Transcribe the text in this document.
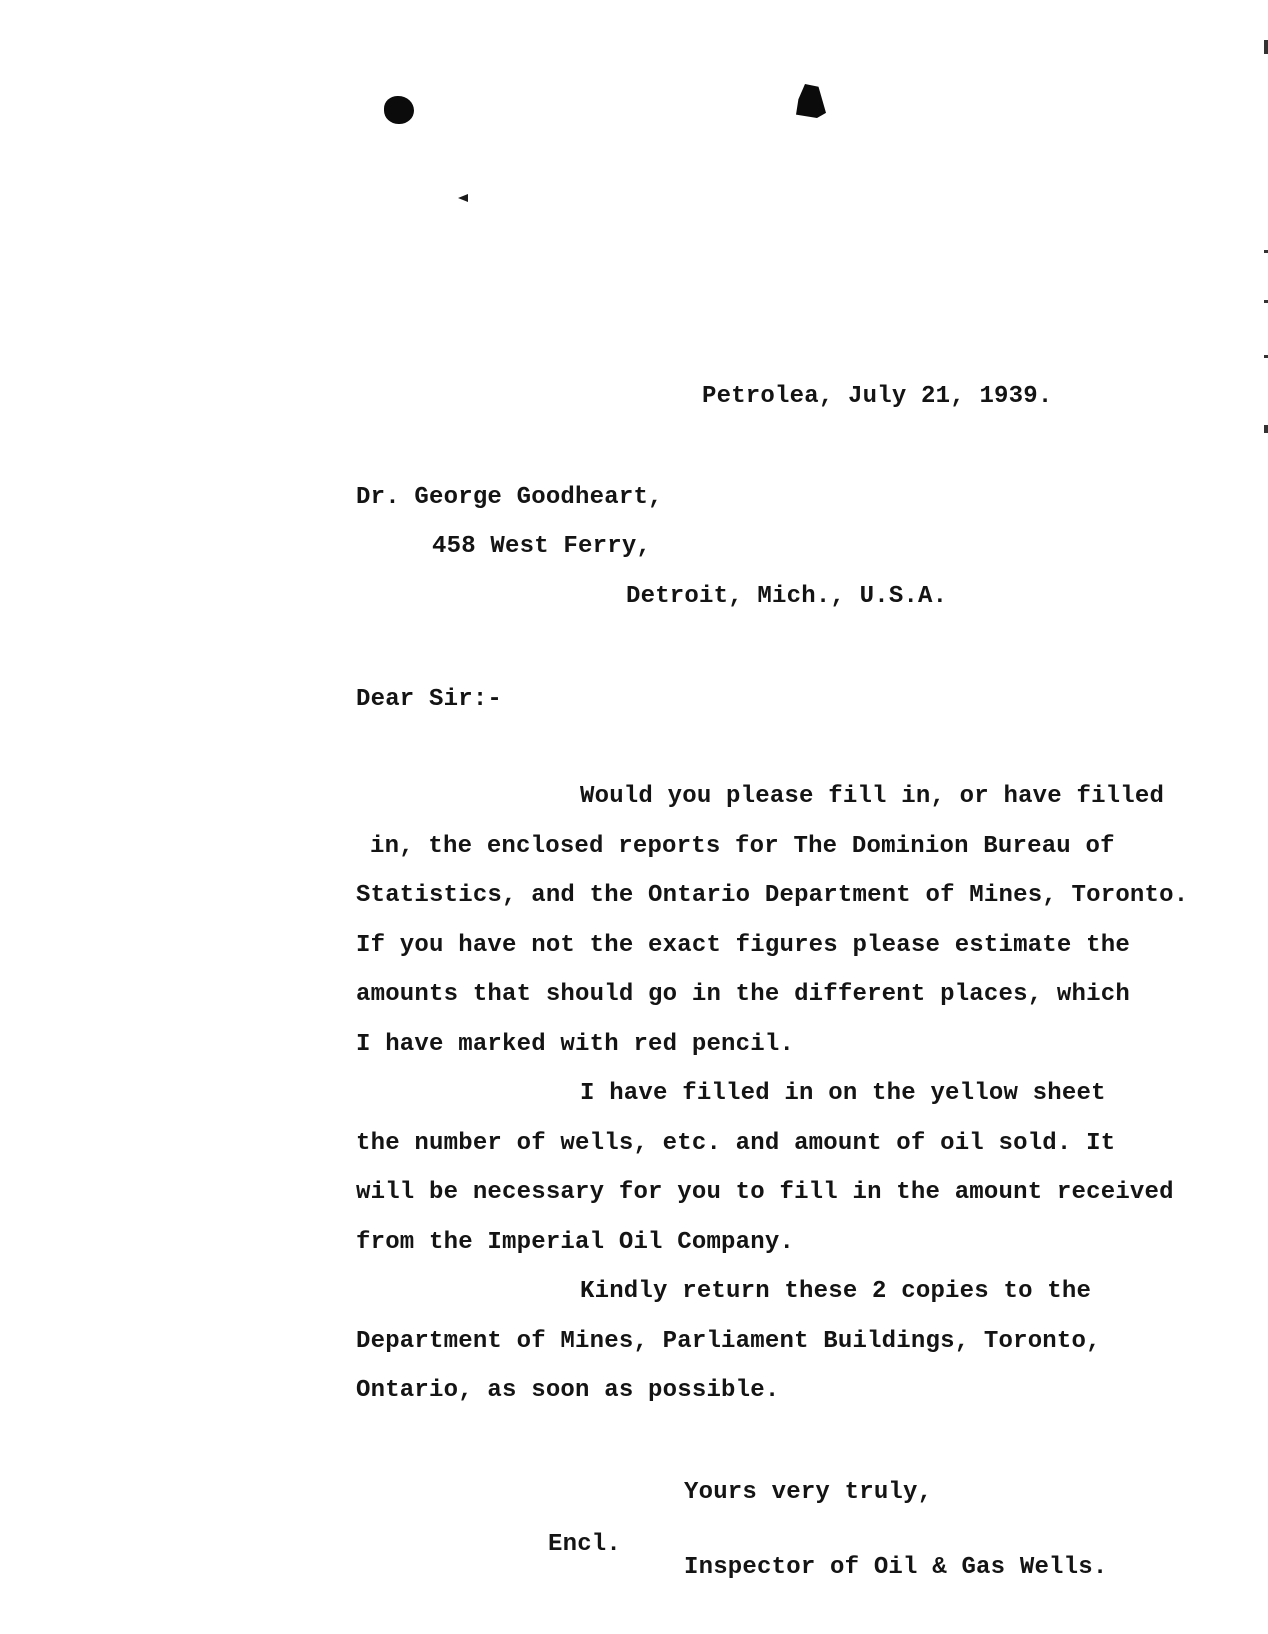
Petrolea, July 21, 1939.
Dr. George Goodheart,
458 West Ferry,
Detroit, Mich., U.S.A.
Dear Sir:-
Would you please fill in, or have filled
in, the enclosed reports for The Dominion Bureau of
Statistics, and the Ontario Department of Mines, Toronto.
If you have not the exact figures please estimate the
amounts that should go in the different places, which
I have marked with red pencil.
I have filled in on the yellow sheet
the number of wells, etc. and amount of oil sold. It
will be necessary for you to fill in the amount received
from the Imperial Oil Company.
Kindly return these 2 copies to the
Department of Mines, Parliament Buildings, Toronto,
Ontario, as soon as possible.
Yours very truly,
Encl.
Inspector of Oil & Gas Wells.
